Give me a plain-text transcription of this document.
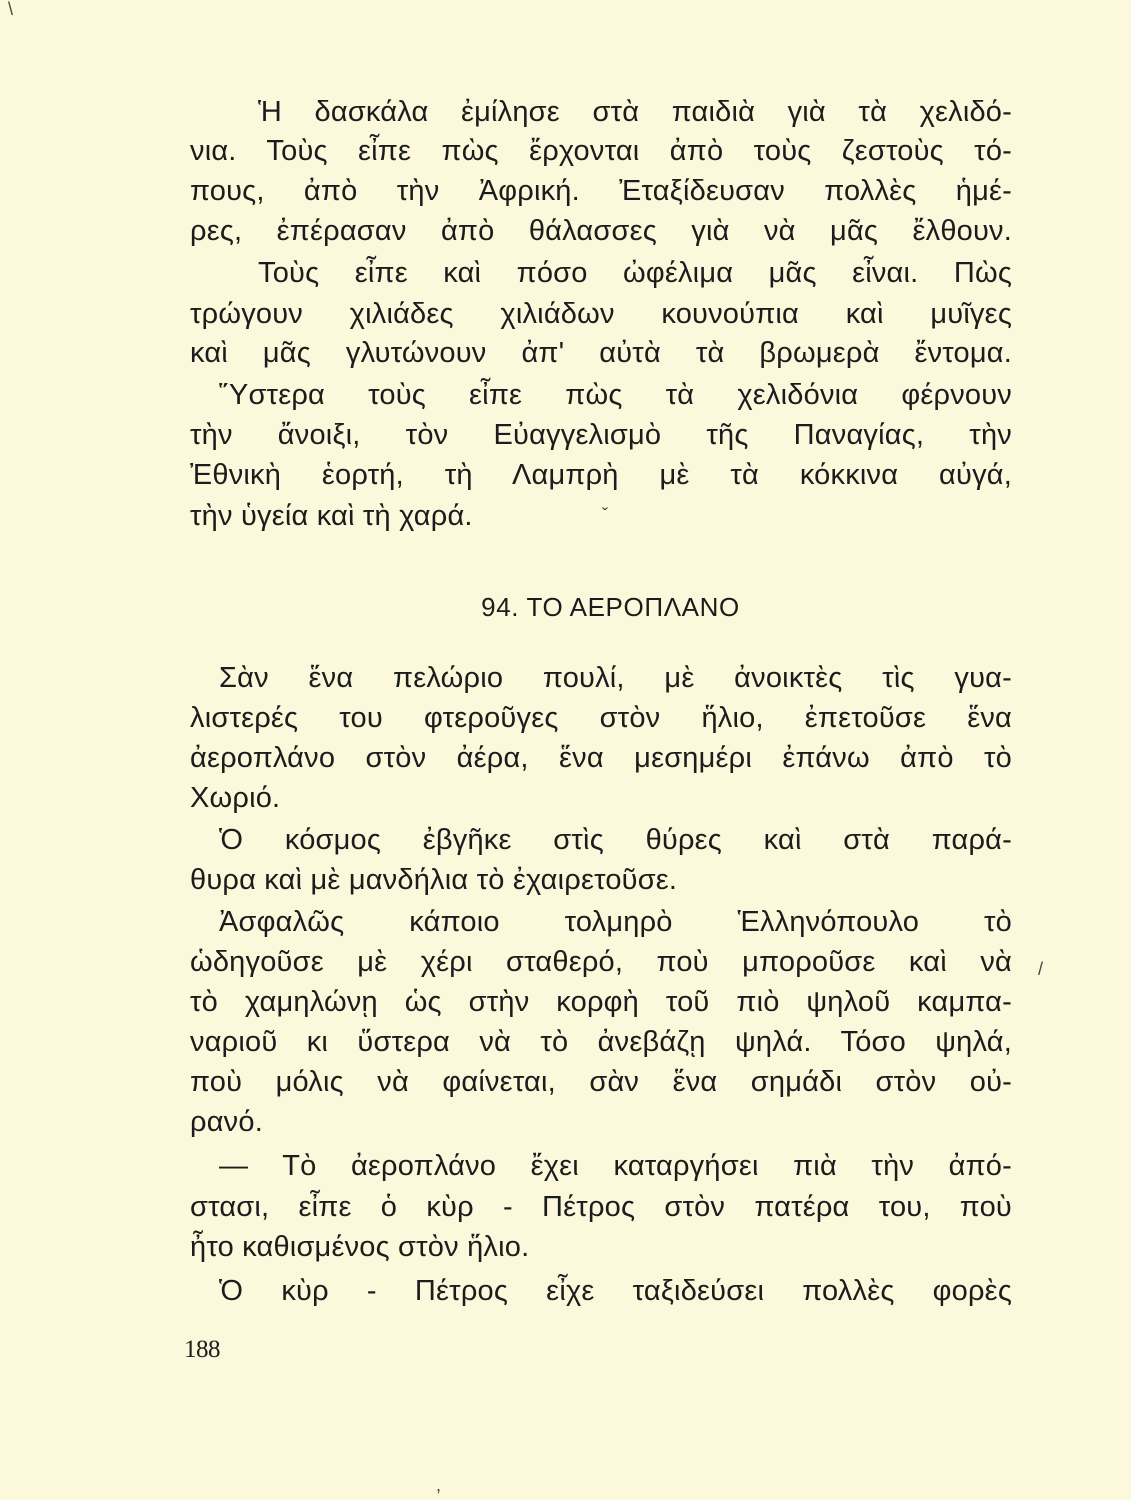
Ἡ δασκάλα ἐμίλησε στὰ παιδιὰ γιὰ τὰ χελιδό-
νια. Τοὺς εἶπε πὼς ἔρχονται ἀπὸ τοὺς ζεστοὺς τό-
πους, ἀπὸ τὴν Ἀφρική. Ἐταξίδευσαν πολλὲς ἡμέ-
ρες, ἐπέρασαν ἀπὸ θάλασσες γιὰ νὰ μᾶς ἔλθουν.
Τοὺς εἶπε καὶ πόσο ὠφέλιμα μᾶς εἶναι. Πὼς
τρώγουν χιλιάδες χιλιάδων κουνούπια καὶ μυῖγες
καὶ μᾶς γλυτώνουν ἀπ' αὐτὰ τὰ βρωμερὰ ἔντομα.
Ὕστερα τοὺς εἶπε πὼς τὰ χελιδόνια φέρνουν
τὴν ἄνοιξι, τὸν Εὐαγγελισμὸ τῆς Παναγίας, τὴν
Ἐθνικὴ ἑορτή, τὴ Λαμπρὴ μὲ τὰ κόκκινα αὐγά,
τὴν ὑγεία καὶ τὴ χαρά.
94. ΤΟ ΑΕΡΟΠΛΑΝΟ
Σὰν ἕνα πελώριο πουλί, μὲ ἀνοικτὲς τὶς γυα-
λιστερές του φτεροῦγες στὸν ἥλιο, ἐπετοῦσε ἕνα
ἀεροπλάνο στὸν ἀέρα, ἕνα μεσημέρι ἐπάνω ἀπὸ τὸ
Χωριό.
Ὁ κόσμος ἐβγῆκε στὶς θύρες καὶ στὰ παρά-
θυρα καὶ μὲ μανδήλια τὸ ἐχαιρετοῦσε.
Ἀσφαλῶς κάποιο τολμηρὸ Ἑλληνόπουλο τὸ
ὡδηγοῦσε μὲ χέρι σταθερό, ποὺ μποροῦσε καὶ νὰ
τὸ χαμηλώνῃ ὡς στὴν κορφὴ τοῦ πιὸ ψηλοῦ καμπα-
ναριοῦ κι ὕστερα νὰ τὸ ἀνεβάζῃ ψηλά. Τόσο ψηλά,
ποὺ μόλις νὰ φαίνεται, σὰν ἕνα σημάδι στὸν οὐ-
ρανό.
— Τὸ ἀεροπλάνο ἔχει καταργήσει πιὰ τὴν ἀπό-
στασι, εἶπε ὁ κὺρ - Πέτρος στὸν πατέρα του, ποὺ
ἦτο καθισμένος στὸν ἥλιο.
Ὁ κὺρ - Πέτρος εἶχε ταξιδεύσει πολλὲς φορὲς
188
\
ˇ
/
,
